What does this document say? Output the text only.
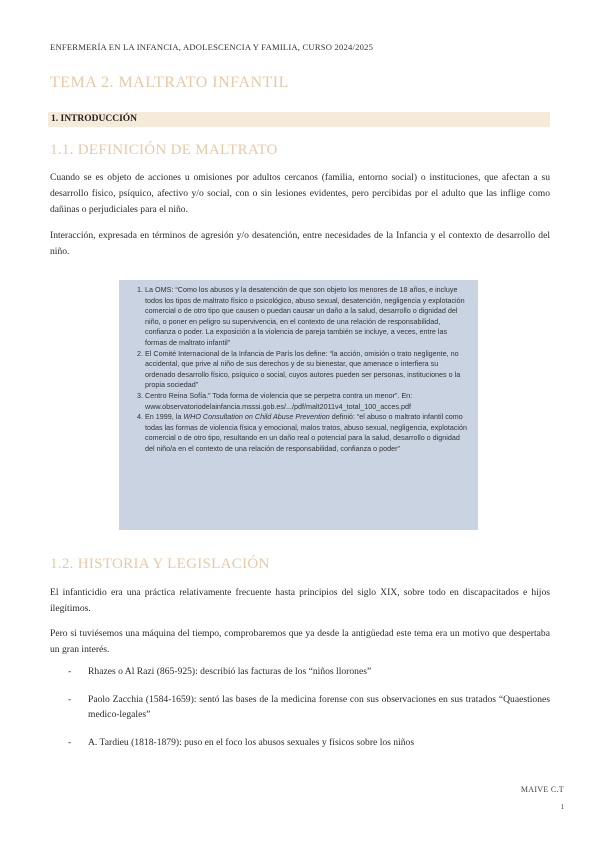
ENFERMERÍA EN LA INFANCIA, ADOLESCENCIA Y FAMILIA, CURSO 2024/2025
TEMA 2. MALTRATO INFANTIL
1. INTRODUCCIÓN
1.1. DEFINICIÓN DE MALTRATO
Cuando se es objeto de acciones u omisiones por adultos cercanos (familia, entorno social) o instituciones, que afectan a su desarrollo físico, psíquico, afectivo y/o social, con o sin lesiones evidentes, pero percibidas por el adulto que las inflige como dañinas o perjudiciales para el niño.
Interacción, expresada en términos de agresión y/o desatención, entre necesidades de la Infancia y el contexto de desarrollo del niño.
1. La OMS: “Como los abusos y la desatención de que son objeto los menores de 18 años, e incluye todos los tipos de maltrato físico o psicológico, abuso sexual, desatención, negligencia y explotación comercial o de otro tipo que causen o puedan causar un daño a la salud, desarrollo o dignidad del niño, o poner en peligro su supervivencia, en el contexto de una relación de responsabilidad, confianza o poder. La exposición a la violencia de pareja también se incluye, a veces, entre las formas de maltrato infantil”
2. El Comité Internacional de la Infancia de París los define: “la acción, omisión o trato negligente, no accidental, que prive al niño de sus derechos y de su bienestar, que amenace o interfiera su ordenado desarrollo físico, psíquico o social, cuyos autores pueden ser personas, instituciones o la propia sociedad”
3. Centro Reina Sofía.” Toda forma de violencia que se perpetra contra un menor”. En: www.observatoriodelainfancia.msssi.gob.es/.../pdf/malt2011v4_total_100_acces.pdf
4. En 1999, la WHO Consultation on Child Abuse Prevention definió: “el abuso o maltrato infantil como todas las formas de violencia física y emocional, malos tratos, abuso sexual, negligencia, explotación comercial o de otro tipo, resultando en un daño real o potencial para la salud, desarrollo o dignidad del niño/a en el contexto de una relación de responsabilidad, confianza o poder”
1.2. HISTORIA Y LEGISLACIÓN
El infanticidio era una práctica relativamente frecuente hasta principios del siglo XIX, sobre todo en discapacitados e hijos ilegítimos.
Pero si tuviésemos una máquina del tiempo, comprobaremos que ya desde la antigüedad este tema era un motivo que despertaba un gran interés.
- Rhazes o Al Razi (865-925): describió las facturas de los “niños llorones”
- Paolo Zacchia (1584-1659): sentó las bases de la medicina forense con sus observaciones en sus tratados “Quaestiones medico-legales”
- A. Tardieu (1818-1879): puso en el foco los abusos sexuales y físicos sobre los niños
MAIVE C.T
1
